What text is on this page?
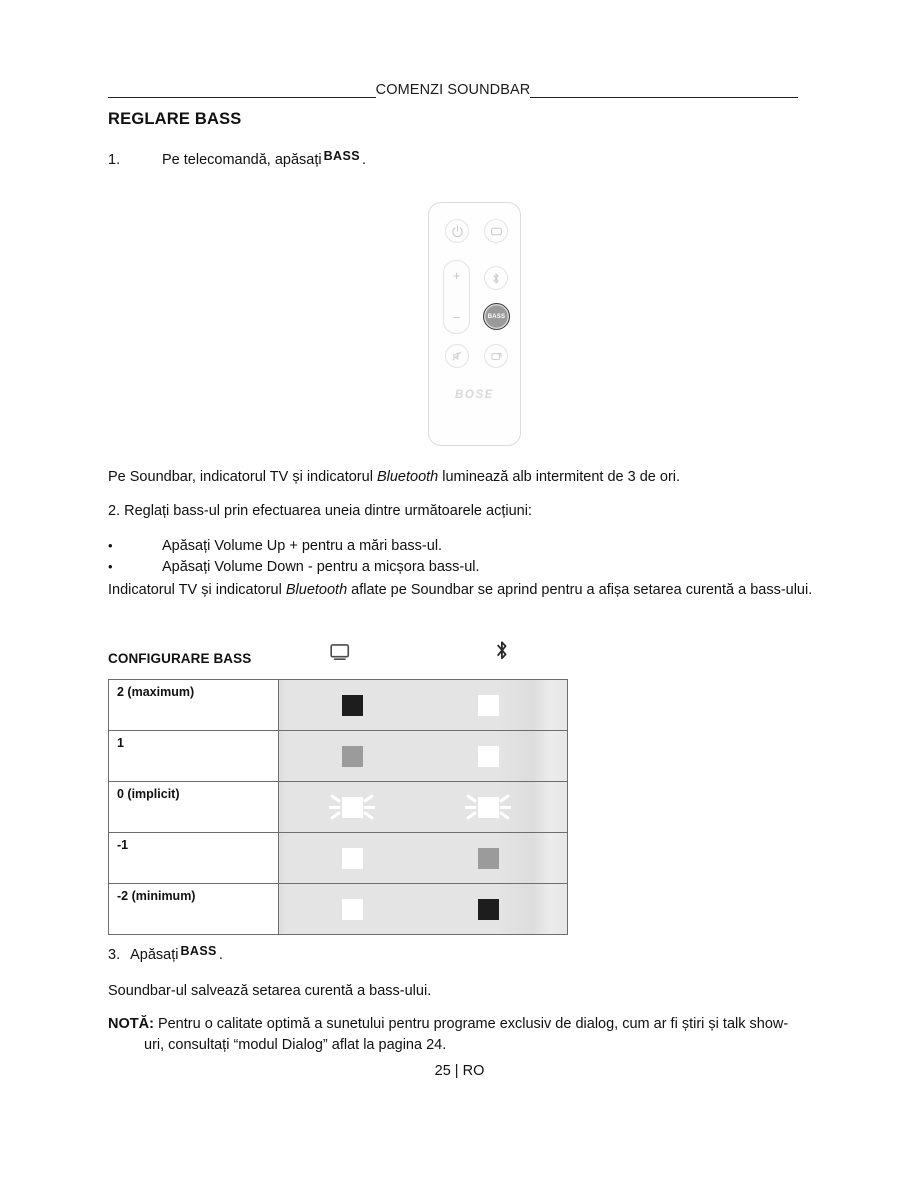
COMENZI SOUNDBAR
REGLARE BASS
1.	Pe telecomandă, apăsați BASS .
+
−	BASS
BOSE
Pe Soundbar, indicatorul TV și indicatorul Bluetooth luminează alb intermitent de 3 de ori.
2. Reglați bass-ul prin efectuarea uneia dintre următoarele acțiuni:
•
Apăsați Volume Up + pentru a mări bass-ul.
•
Apăsați Volume Down - pentru a micșora bass-ul.
Indicatorul TV și indicatorul Bluetooth aflate pe Soundbar se aprind pentru a afișa setarea curentă a bass-ului.
CONFIGURARE BASS
2 (maximum)	

1	

0 (implicit)	

-1	

-2 (minimum)	
3. Apăsați BASS .
Soundbar-ul salvează setarea curentă a bass-ului.
NOTĂ: Pentru o calitate optimă a sunetului pentru programe exclusiv de dialog, cum ar fi știri și talk show-
uri, consultați “modul Dialog” aflat la pagina 24.
25 | RO
